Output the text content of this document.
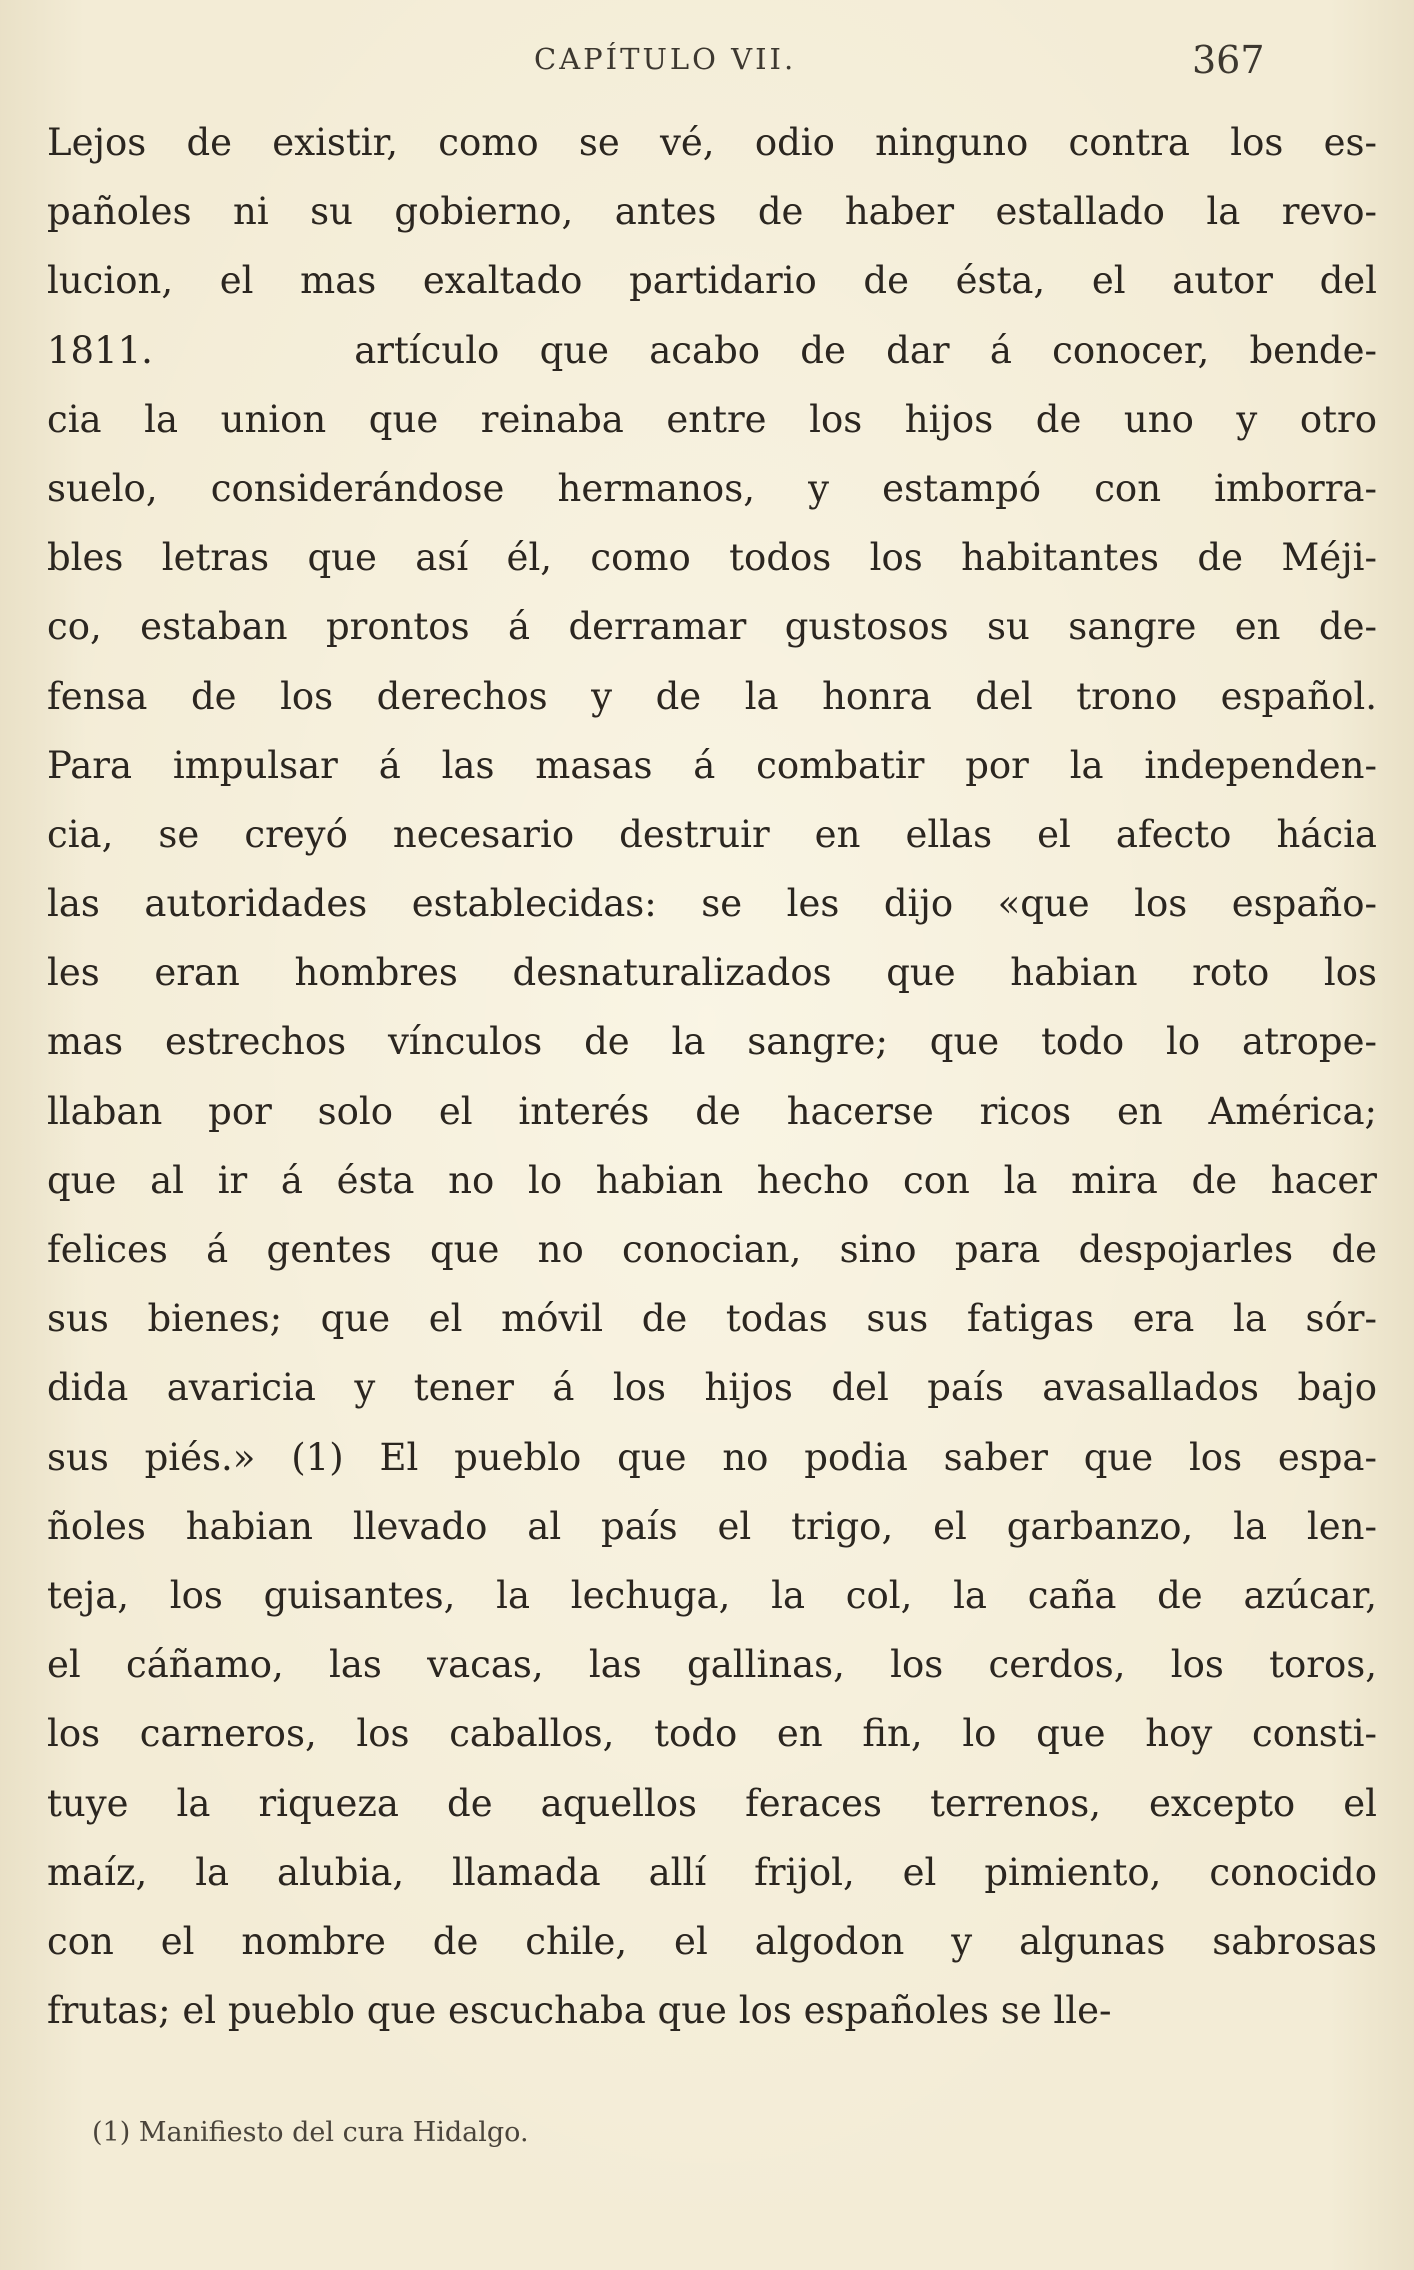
CAPÍTULO VII.	367
Lejos de existir, como se vé, odio ninguno contra los es-
pañoles ni su gobierno, antes de haber estallado la revo-
lucion, el mas exaltado partidario de ésta, el autor del
1811.     artículo que acabo de dar á conocer, bende-
cia la union que reinaba entre los hijos de uno y otro
suelo, considerándose hermanos, y estampó con imborra-
bles letras que así él, como todos los habitantes de Méji-
co, estaban prontos á derramar gustosos su sangre en de-
fensa de los derechos y de la honra del trono español.
Para impulsar á las masas á combatir por la independen-
cia, se creyó necesario destruir en ellas el afecto hácia
las autoridades establecidas: se les dijo «que los españo-
les eran hombres desnaturalizados que habian roto los
mas estrechos vínculos de la sangre; que todo lo atrope-
llaban por solo el interés de hacerse ricos en América;
que al ir á ésta no lo habian hecho con la mira de hacer
felices á gentes que no conocian, sino para despojarles de
sus bienes; que el móvil de todas sus fatigas era la sór-
dida avaricia y tener á los hijos del país avasallados bajo
sus piés.» (1) El pueblo que no podia saber que los espa-
ñoles habian llevado al país el trigo, el garbanzo, la len-
teja, los guisantes, la lechuga, la col, la caña de azúcar,
el cáñamo, las vacas, las gallinas, los cerdos, los toros,
los carneros, los caballos, todo en fin, lo que hoy consti-
tuye la riqueza de aquellos feraces terrenos, excepto el
maíz, la alubia, llamada allí frijol, el pimiento, conocido
con el nombre de chile, el algodon y algunas sabrosas
frutas; el pueblo que escuchaba que los españoles se lle-
(1) Manifiesto del cura Hidalgo.
